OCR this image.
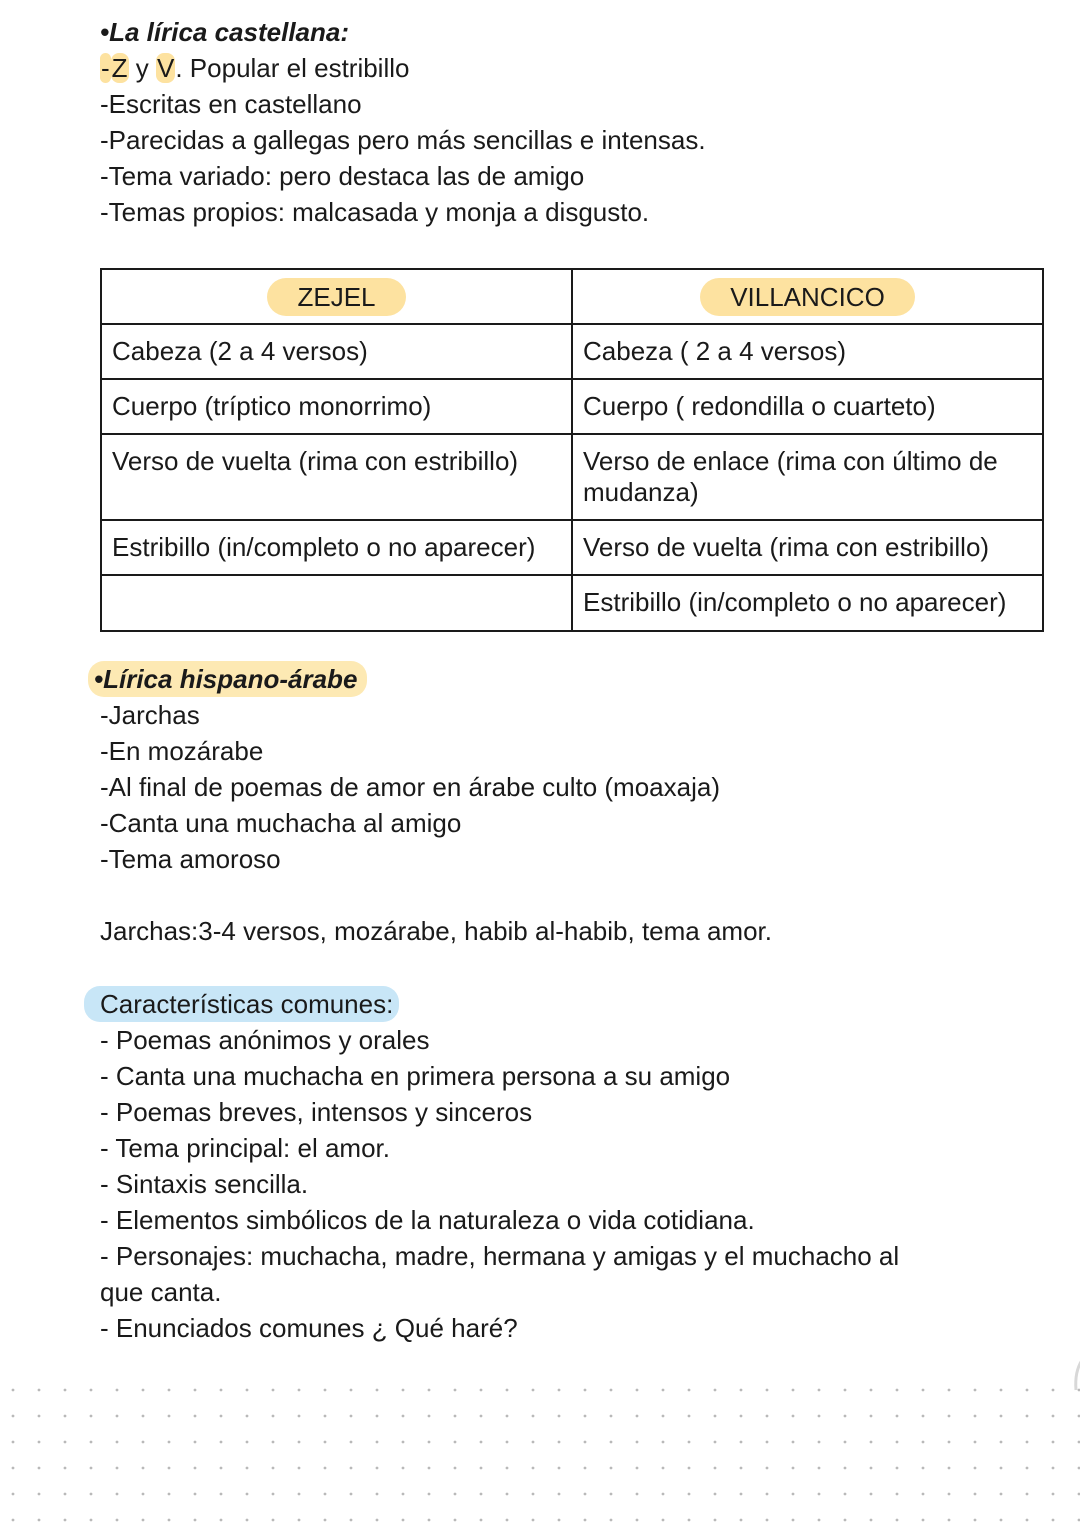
•La lírica castellana:
-Z y V. Popular el estribillo
-Escritas en castellano
-Parecidas a gallegas pero más sencillas e intensas.
-Tema variado: pero destaca las de amigo
-Temas propios: malcasada y monja a disgusto.
ZEJEL	VILLANCICO
Cabeza (2 a 4 versos)	Cabeza ( 2 a 4 versos)
Cuerpo (tríptico monorrimo)	Cuerpo ( redondilla o cuarteto)
Verso de vuelta (rima con estribillo)	Verso de enlace (rima con último de mudanza)
Estribillo (in/completo o no aparecer)	Verso de vuelta (rima con estribillo)
	Estribillo (in/completo o no aparecer)
•Lírica hispano-árabe
-Jarchas
-En mozárabe
-Al final de poemas de amor en árabe culto (moaxaja)
-Canta una muchacha al amigo
-Tema amoroso
Jarchas:3-4 versos, mozárabe, habib al-habib, tema amor.
Características comunes:
- Poemas anónimos y orales
- Canta una muchacha en primera persona a su amigo
- Poemas breves, intensos y sinceros
- Tema principal: el amor.
- Sintaxis sencilla.
- Elementos simbólicos de la naturaleza o vida cotidiana.
- Personajes: muchacha, madre, hermana y amigas y el muchacho al
que canta.
- Enunciados comunes ¿ Qué haré?
